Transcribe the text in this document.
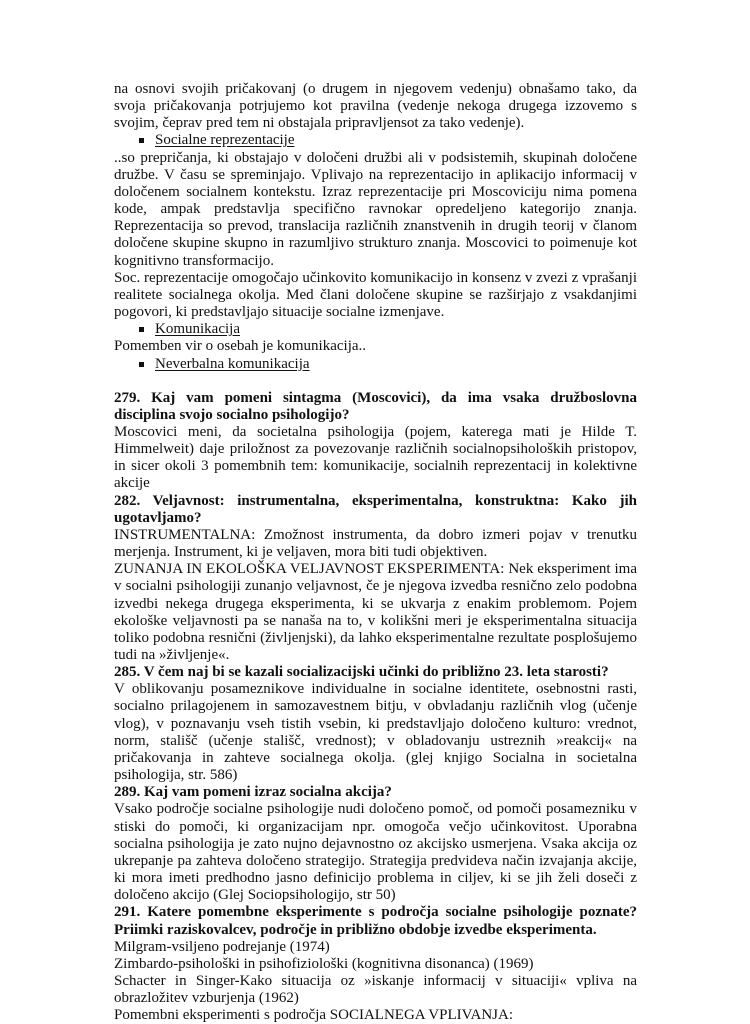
na osnovi svojih pričakovanj (o drugem in njegovem vedenju) obnašamo tako, da svoja pričakovanja potrjujemo kot pravilna (vedenje nekoga drugega izzovemo s svojim, čeprav pred tem ni obstajala pripravljensot za tako vedenje).

Socialne reprezentacije

..so prepričanja, ki obstajajo v določeni družbi ali v podsistemih, skupinah določene družbe. V času se spreminjajo. Vplivajo na reprezentacijo in aplikacijo informacij v določenem socialnem kontekstu. Izraz reprezentacije pri Moscoviciju nima pomena kode, ampak predstavlja specifično ravnokar opredeljeno kategorijo znanja. Reprezentacija so prevod, translacija različnih znanstvenih in drugih teorij v članom določene skupine skupno in razumljivo strukturo znanja. Moscovici to poimenuje kot kognitivno transformacijo.

Soc. reprezentacije omogočajo učinkovito komunikacijo in konsenz v zvezi z vprašanji realitete socialnega okolja. Med člani določene skupine se razširjajo z vsakdanjimi pogovori, ki predstavljajo situacije socialne izmenjave.

Komunikacija

Pomemben vir o osebah je komunikacija..

Neverbalna komunikacija

279. Kaj vam pomeni sintagma (Moscovici), da ima vsaka družboslovna disciplina svojo socialno psihologijo?

Moscovici meni, da societalna psihologija (pojem, katerega mati je Hilde T. Himmelweit) daje priložnost za povezovanje različnih socialnopsiholoških pristopov, in sicer okoli 3 pomembnih tem: komunikacije, socialnih reprezentacij in kolektivne akcije

282. Veljavnost: instrumentalna, eksperimentalna, konstruktna: Kako jih ugotavljamo?

INSTRUMENTALNA: Zmožnost instrumenta, da dobro izmeri pojav v trenutku merjenja. Instrument, ki je veljaven, mora biti tudi objektiven.

ZUNANJA IN EKOLOŠKA VELJAVNOST EKSPERIMENTA: Nek eksperiment ima v socialni psihologiji zunanjo veljavnost, če je njegova izvedba resnično zelo podobna izvedbi nekega drugega eksperimenta, ki se ukvarja z enakim problemom. Pojem ekološke veljavnosti pa se nanaša na to, v kolikšni meri je eksperimentalna situacija toliko podobna resnični (življenjski), da lahko eksperimentalne rezultate posplošujemo tudi na »življenje«.

285. V čem naj bi se kazali socializacijski učinki do približno 23. leta starosti?

V oblikovanju posameznikove individualne in socialne identitete, osebnostni rasti, socialno prilagojenem in samozavestnem bitju, v obvladanju različnih vlog (učenje vlog), v poznavanju vseh tistih vsebin, ki predstavljajo določeno kulturo: vrednot, norm, stališč (učenje stališč, vrednost); v obladovanju ustreznih »reakcij« na pričakovanja in zahteve socialnega okolja. (glej knjigo Socialna in societalna psihologija, str. 586)

289. Kaj vam pomeni izraz socialna akcija?

Vsako področje socialne psihologije nudi določeno pomoč, od pomoči posamezniku v stiski do pomoči, ki organizacijam npr. omogoča večjo učinkovitost. Uporabna socialna psihologija je zato nujno dejavnostno oz akcijsko usmerjena. Vsaka akcija oz ukrepanje pa zahteva določeno strategijo. Strategija predvideva način izvajanja akcije, ki mora imeti predhodno jasno definicijo problema in ciljev, ki se jih želi doseči z določeno akcijo (Glej Sociopsihologijo, str 50)

291. Katere pomembne eksperimente s področja socialne psihologije poznate? Priimki raziskovalcev, področje in približno obdobje izvedbe eksperimenta.

Milgram-vsiljeno podrejanje (1974)

Zimbardo-psihološki in psihofiziološki (kognitivna disonanca) (1969)

Schacter in Singer-Kako situacija oz »iskanje informacij v situaciji« vpliva na obrazložitev vzburjenja (1962)

Pomembni eksperimenti s področja SOCIALNEGA VPLIVANJA:
